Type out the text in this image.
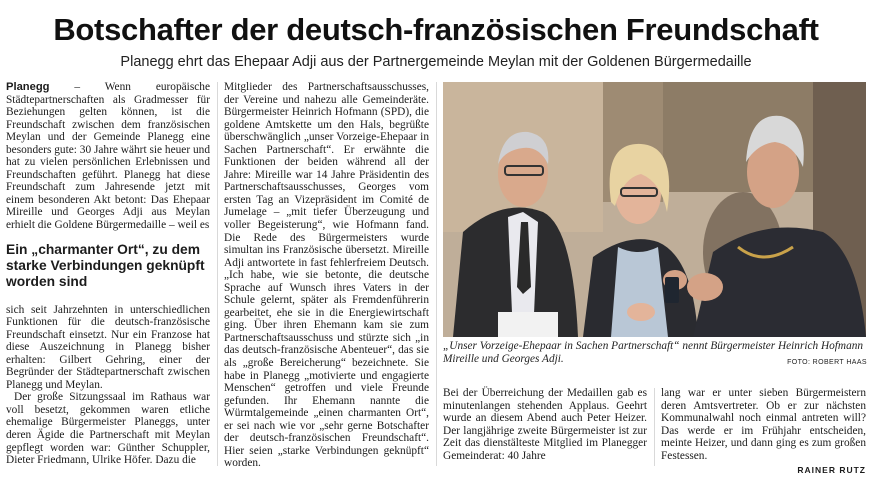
Botschafter der deutsch-französischen Freundschaft
Planegg ehrt das Ehepaar Adji aus der Partnergemeinde Meylan mit der Goldenen Bürgermedaille

Planegg – Wenn europäische Städtepartnerschaften als Gradmesser für Beziehungen gelten können, ist die Freundschaft zwischen dem französischen Meylan und der Gemeinde Planegg eine besonders gute: 30 Jahre währt sie heuer und hat zu vielen persönlichen Erlebnissen und Freundschaften geführt. Planegg hat diese Freundschaft zum Jahresende jetzt mit einem besonderen Akt betont: Das Ehepaar Mireille und Georges Adji aus Meylan erhielt die Goldene Bürgermedaille – weil es

Ein „charmanter Ort“, zu dem starke Verbindungen geknüpft worden sind

sich seit Jahrzehnten in unterschiedlichen Funktionen für die deutsch-französische Freundschaft einsetzt. Nur ein Franzose hat diese Auszeichnung in Planegg bisher erhalten: Gilbert Gehring, einer der Begründer der Städtepartnerschaft zwischen Planegg und Meylan.

Der große Sitzungssaal im Rathaus war voll besetzt, gekommen waren etliche ehemalige Bürgermeister Planeggs, unter deren Ägide die Partnerschaft mit Meylan gepflegt worden war: Günther Schuppler, Dieter Friedmann, Ulrike Höfer. Dazu die

Mitglieder des Partnerschaftsausschusses, der Vereine und nahezu alle Gemeinderäte. Bürgermeister Heinrich Hofmann (SPD), die goldene Amtskette um den Hals, begrüßte überschwänglich „unser Vorzeige-Ehepaar in Sachen Partnerschaft“. Er erwähnte die Funktionen der beiden während all der Jahre: Mireille war 14 Jahre Präsidentin des Partnerschaftsausschusses, Georges vom ersten Tag an Vizepräsident im Comité de Jumelage – „mit tiefer Überzeugung und voller Begeisterung“, wie Hofmann fand. Die Rede des Bürgermeisters wurde simultan ins Französische übersetzt. Mireille Adji antwortete in fast fehlerfreiem Deutsch. „Ich habe, wie sie betonte, die deutsche Sprache auf Wunsch ihres Vaters in der Schule gelernt, später als Fremdenführerin gearbeitet, ehe sie in die Energiewirtschaft ging. Über ihren Ehemann kam sie zum Partnerschaftsausschuss und stürzte sich „in das deutsch-französische Abenteuer“, das sie als „große Bereicherung“ bezeichnete. Sie habe in Planegg „motivierte und engagierte Menschen“ getroffen und viele Freunde gefunden. Ihr Ehemann nannte die Würmtalgemeinde „einen charmanten Ort“, er sei nach wie vor „sehr gerne Botschafter der deutsch-französischen Freundschaft“. Hier seien „starke Verbindungen geknüpft“ worden.

„Unser Vorzeige-Ehepaar in Sachen Partnerschaft“ nennt Bürgermeister Heinrich Hofmann Mireille und Georges Adji.	FOTO: ROBERT HAAS

Bei der Überreichung der Medaillen gab es minutenlangen stehenden Applaus. Geehrt wurde an diesem Abend auch Peter Heizer. Der langjährige zweite Bürgermeister ist zur Zeit das dienstälteste Mitglied im Planegger Gemeinderat: 40 Jahre

lang war er unter sieben Bürgermeistern deren Amtsvertreter. Ob er zur nächsten Kommunalwahl noch einmal antreten will? Das werde er im Frühjahr entscheiden, meinte Heizer, und dann ging es zum großen Festessen.

RAINER RUTZ
